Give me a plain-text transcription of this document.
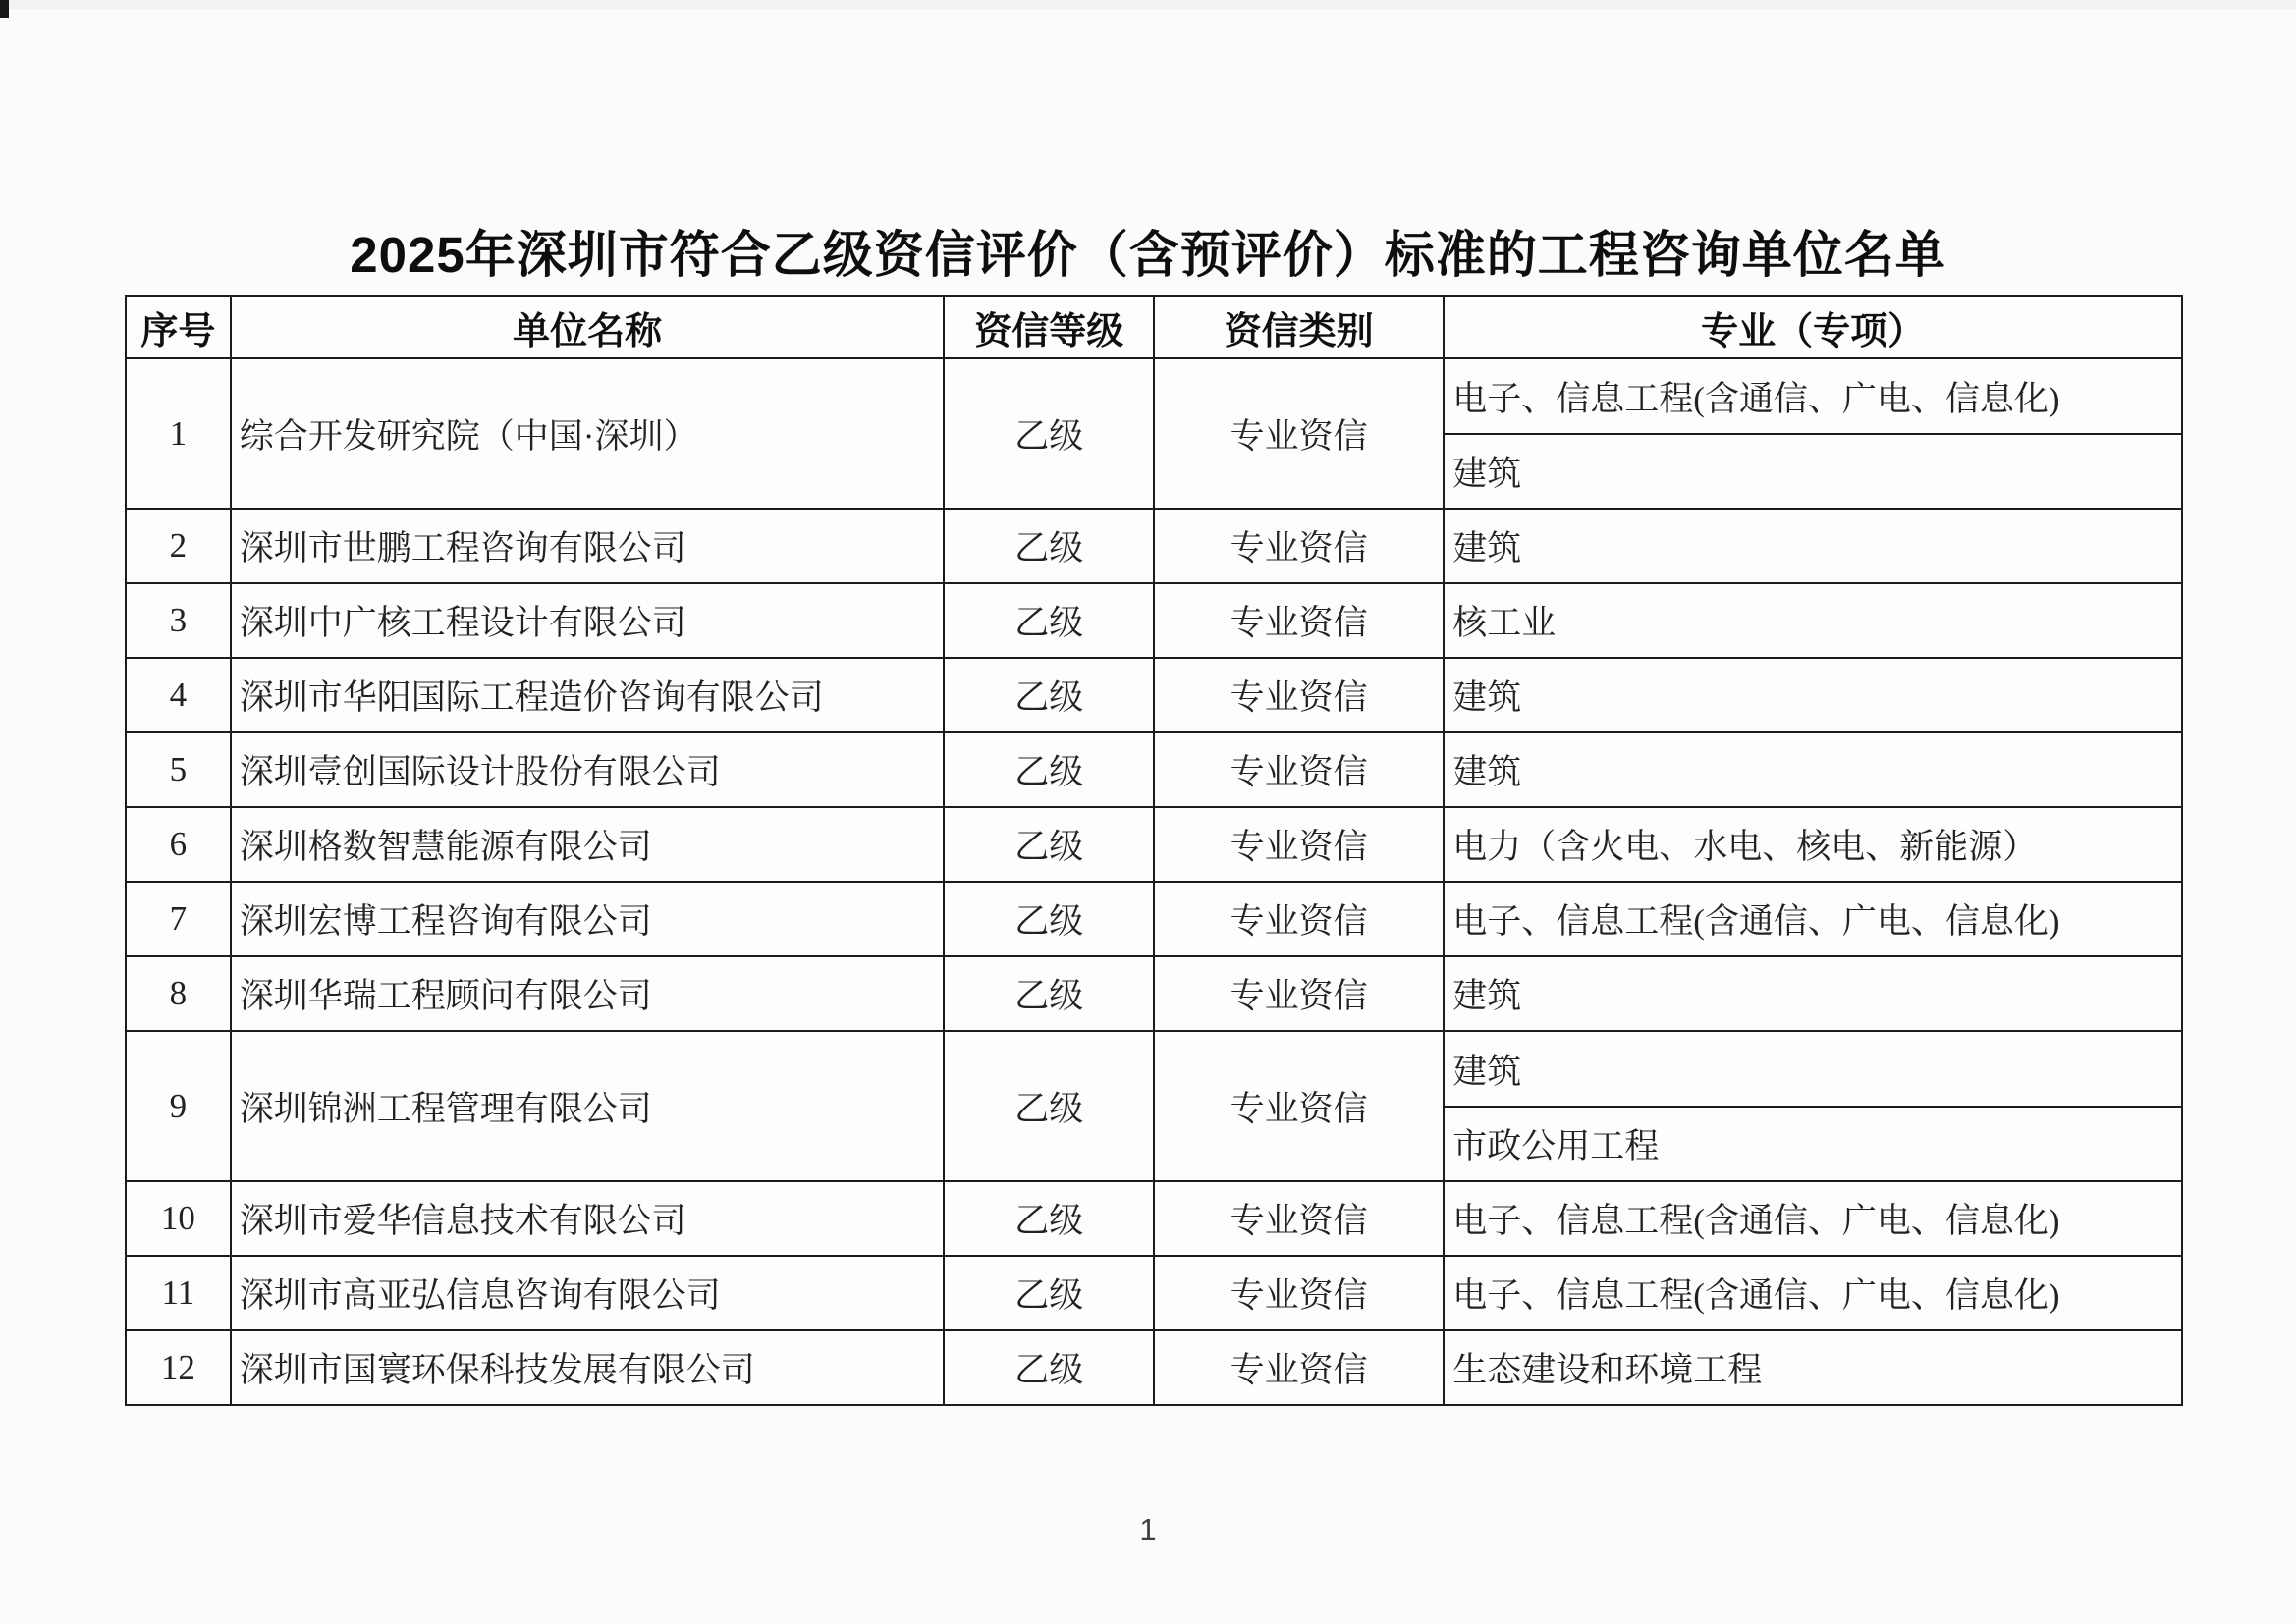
2025年深圳市符合乙级资信评价（含预评价）标准的工程咨询单位名单
序号	单位名称	资信等级	资信类别	专业（专项）
1	综合开发研究院（中国·深圳）	乙级	专业资信	电子、信息工程(含通信、广电、信息化)
				建筑
2	深圳市世鹏工程咨询有限公司	乙级	专业资信	建筑
3	深圳中广核工程设计有限公司	乙级	专业资信	核工业
4	深圳市华阳国际工程造价咨询有限公司	乙级	专业资信	建筑
5	深圳壹创国际设计股份有限公司	乙级	专业资信	建筑
6	深圳格数智慧能源有限公司	乙级	专业资信	电力（含火电、水电、核电、新能源）
7	深圳宏博工程咨询有限公司	乙级	专业资信	电子、信息工程(含通信、广电、信息化)
8	深圳华瑞工程顾问有限公司	乙级	专业资信	建筑
9	深圳锦洲工程管理有限公司	乙级	专业资信	建筑
				市政公用工程
10	深圳市爱华信息技术有限公司	乙级	专业资信	电子、信息工程(含通信、广电、信息化)
11	深圳市高亚弘信息咨询有限公司	乙级	专业资信	电子、信息工程(含通信、广电、信息化)
12	深圳市国寰环保科技发展有限公司	乙级	专业资信	生态建设和环境工程
1
